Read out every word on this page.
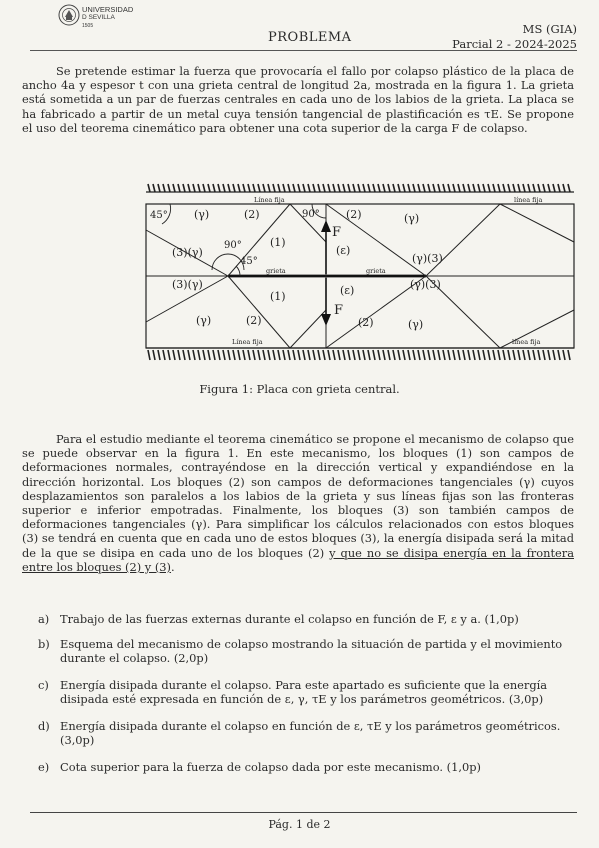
UNIVERSIDAD
D SEVILLA
1505
PROBLEMA
MS (GIA)
Parcial 2 - 2024-2025

Se pretende estimar la fuerza que provocaría el fallo por colapso plástico de la placa de ancho 4a y espesor t con una grieta central de longitud 2a, mostrada en la figura 1. La grieta está sometida a un par de fuerzas centrales en cada uno de los labios de la grieta. La placa se ha fabricado a partir de un metal cuya tensión tangencial de plastificación es τE. Se propone el uso del teorema cinemático para obtener una cota superior de la carga F de colapso.

Línea fija	línea fija
Línea fija	línea fija
grieta	grieta
45°	90°
90°
45°
(γ)	(2)	(2)	(γ)
(3)(γ)
(1)
F
(ε)
(γ)(3)
(3)(γ)
(1)	(ε)	(γ)(3)
F
(γ)	(2)	(2)	(γ)
Figura 1: Placa con grieta central.

Para el estudio mediante el teorema cinemático se propone el mecanismo de colapso que se puede observar en la figura 1. En este mecanismo, los bloques (1) son campos de deformaciones normales, contrayéndose en la dirección vertical y expandiéndose en la dirección horizontal. Los bloques (2) son campos de deformaciones tangenciales (γ) cuyos desplazamientos son paralelos a los labios de la grieta y sus líneas fijas son las fronteras superior e inferior empotradas. Finalmente, los bloques (3) son también campos de deformaciones tangenciales (γ). Para simplificar los cálculos relacionados con estos bloques (3) se tendrá en cuenta que en cada uno de estos bloques (3), la energía disipada será la mitad de la que se disipa en cada uno de los bloques (2) y que no se disipa energía en la frontera entre los bloques (2) y (3).

a) Trabajo de las fuerzas externas durante el colapso en función de F, ε y a. (1,0p)
b) Esquema del mecanismo de colapso mostrando la situación de partida y el movimiento durante el colapso. (2,0p)
c) Energía disipada durante el colapso. Para este apartado es suficiente que la energía disipada esté expresada en función de ε, γ, τE y los parámetros geométricos. (3,0p)
d) Energía disipada durante el colapso en función de ε, τE y los parámetros geométricos. (3,0p)
e) Cota superior para la fuerza de colapso dada por este mecanismo. (1,0p)
Pág. 1 de 2
